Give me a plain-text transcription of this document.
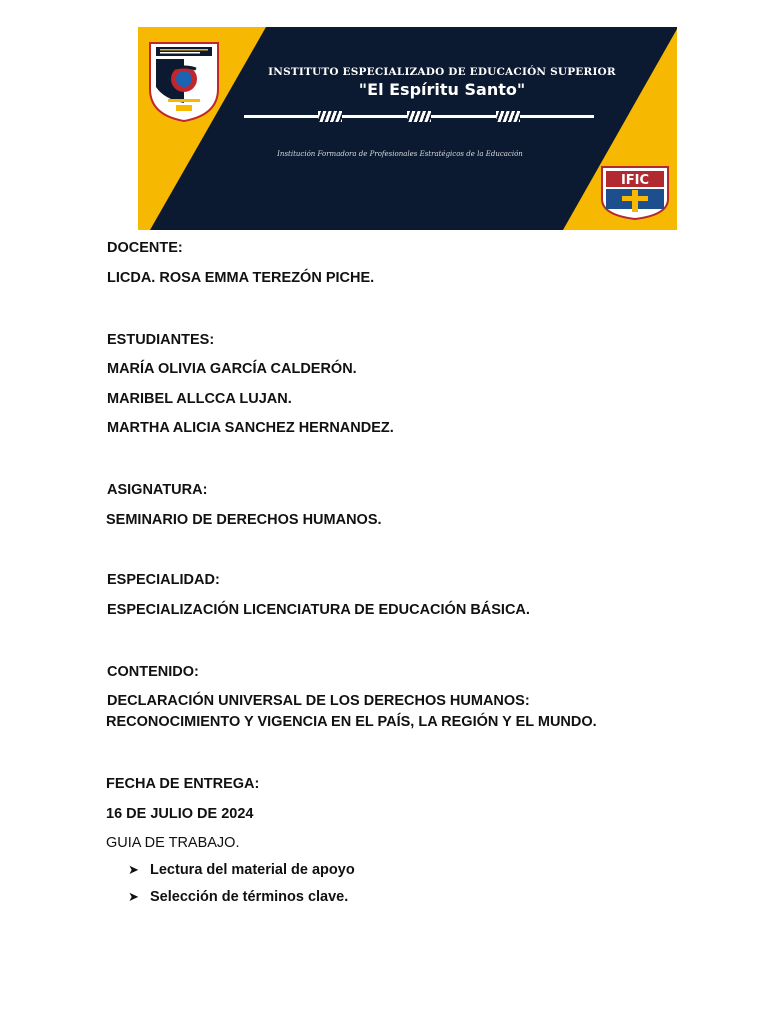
INSTITUTO ESPECIALIZADO DE EDUCACIÓN SUPERIOR
"El Espíritu Santo"
Institución Formadora de Profesionales Estratégicos de la Educación
IFIC
DOCENTE:
LICDA. ROSA EMMA TEREZÓN PICHE.
ESTUDIANTES:
MARÍA OLIVIA GARCÍA CALDERÓN.
MARIBEL ALLCCA LUJAN.
MARTHA ALICIA SANCHEZ HERNANDEZ.
ASIGNATURA:
SEMINARIO DE DERECHOS HUMANOS.
ESPECIALIDAD:
ESPECIALIZACIÓN LICENCIATURA DE EDUCACIÓN BÁSICA.
CONTENIDO:
DECLARACIÓN UNIVERSAL DE LOS DERECHOS HUMANOS:
RECONOCIMIENTO Y VIGENCIA EN EL PAÍS, LA REGIÓN Y EL MUNDO.
FECHA DE ENTREGA:
16 DE JULIO DE 2024
GUIA DE TRABAJO.
➤ Lectura del material de apoyo
➤ Selección de términos clave.
